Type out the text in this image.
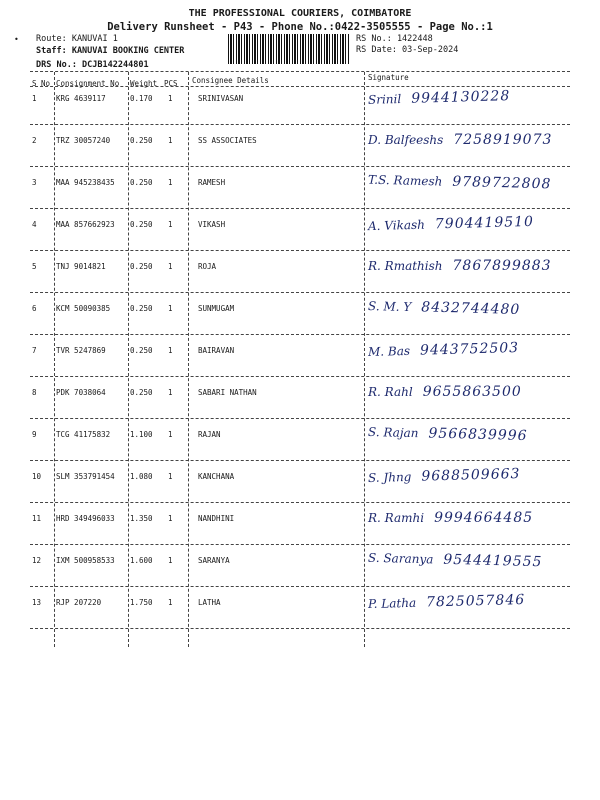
•
THE PROFESSIONAL COURIERS, COIMBATORE
Delivery Runsheet - P43 - Phone No.:0422-3505555 - Page No.:1
Route: KANUVAI 1
Staff: KANUVAI BOOKING CENTER
DRS No.: DCJB142244801
RS No.: 1422448
RS Date: 03-Sep-2024
S No Consignment No Weight PCS Consignee Details	Signature
1	KRG 4639117	0.170 1	SRINIVASAN	Srinil 9944130228
2	TRZ 30057240	0.250 1	SS ASSOCIATES	D. Balfeeshs 7258919073
3	MAA 945238435 0.250 1	RAMESH	T.S. Ramesh 9789722808
4	MAA 857662923 0.250 1	VIKASH	A. Vikash 7904419510
5	TNJ 9014821	0.250 1	ROJA	R. Rmathish 7867899883
6	KCM 50090385	0.250 1	SUNMUGAM	S. M. Y 8432744480
7	TVR 5247869	0.250 1	BAIRAVAN	M. Bas 9443752503
8	PDK 7038064	0.250 1	SABARI NATHAN	R. Rahl 9655863500
9	TCG 41175832	1.100 1	RAJAN	S. Rajan 9566839996
10 SLM 353791454 1.080 1	KANCHANA	S. Jhng 9688509663
11 HRD 349496033 1.350 1	NANDHINI	R. Ramhi 9994664485
12 IXM 500958533 1.600 1	SARANYA	S. Saranya 9544419555
13 RJP 207220	1.750 1	LATHA	P. Latha 7825057846
